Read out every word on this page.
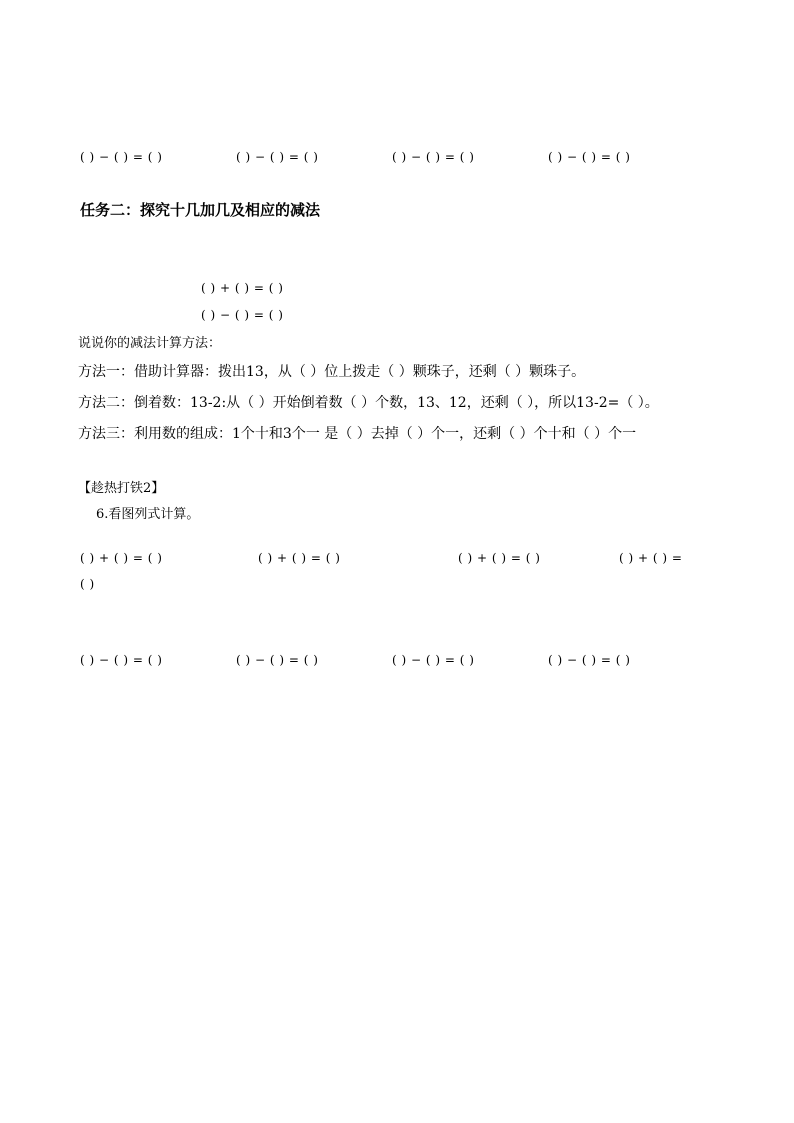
( ) − ( ) = ( )	( ) − ( ) = ( )	( ) − ( ) = ( )	( ) − ( ) = ( )
任务二：探究十几加几及相应的减法
( ) + ( ) = ( )
( ) − ( ) = ( )
说说你的减法计算方法：
方法一：借助计算器：拨出13，从（ ）位上拨走（ ）颗珠子，还剩（ ）颗珠子。
方法二：倒着数：13-2:从（ ）开始倒着数（ ）个数，13、12，还剩（ ），所以13-2=（ ）。
方法三：利用数的组成：1个十和3个一 是（ ）去掉（ ）个一，还剩（ ）个十和（ ）个一
【趁热打铁2】
6.看图列式计算。
( ) + ( ) = ( )	( ) + ( ) = ( )	( ) + ( ) = ( )	( ) + ( ) =
( )
( ) − ( ) = ( )	( ) − ( ) = ( )	( ) − ( ) = ( )	( ) − ( ) = ( )
